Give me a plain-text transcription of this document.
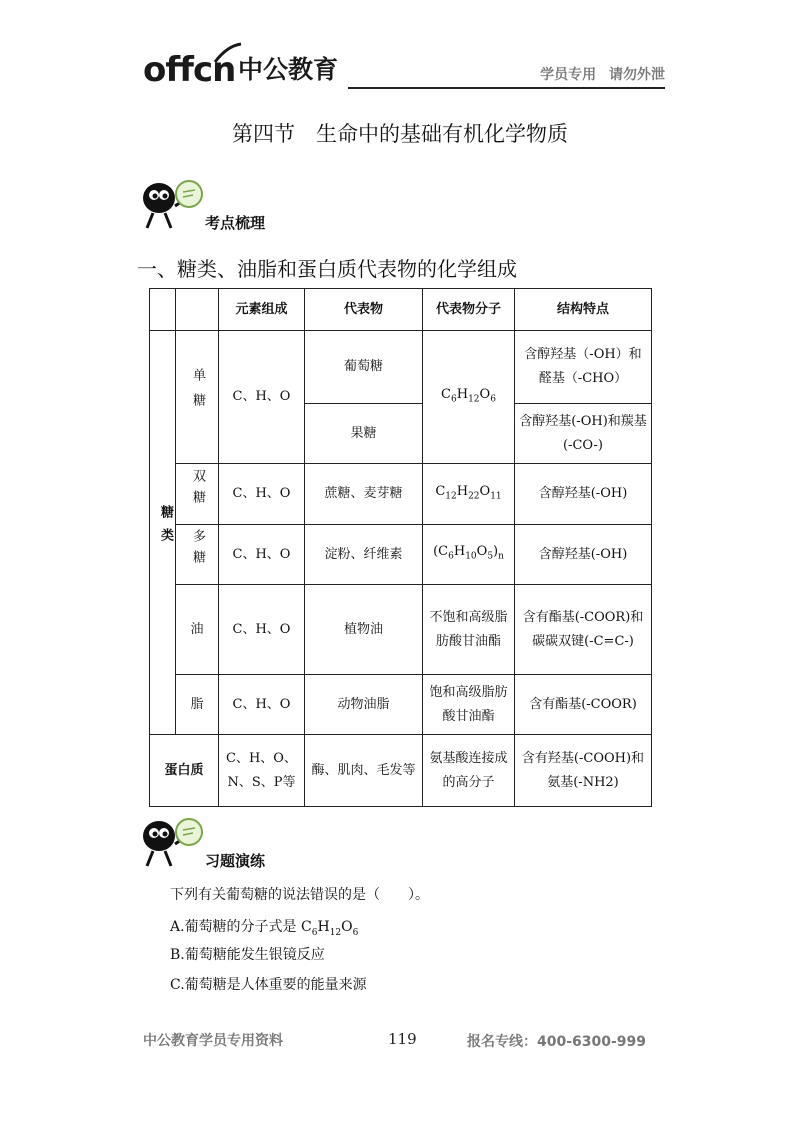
offcn 中公教育	学员专用 请勿外泄
第四节　生命中的基础有机化学物质
考点梳理
一、糖类、油脂和蛋白质代表物的化学组成
		元素组成	代表物	代表物分子	结构特点
糖类	单糖	C、H、O	葡萄糖	$C_6H_{12}O_6$	含醇羟基（-OH）和醛基（-CHO）
			果糖		含醇羟基(-OH)和羰基(-CO-)
	双糖	C、H、O	蔗糖、麦芽糖	$C_{12}H_{22}O_{11}$	含醇羟基(-OH)
	多糖	C、H、O	淀粉、纤维素	$(C_6H_{10}O_5)_n$	含醇羟基(-OH)
	油	C、H、O	植物油	不饱和高级脂肪酸甘油酯	含有酯基(-COOR)和碳碳双键(-C=C-)
	脂	C、H、O	动物油脂	饱和高级脂肪酸甘油酯	含有酯基(-COOR)
蛋白质		C、H、O、N、S、P等	酶、肌肉、毛发等	氨基酸连接成的高分子	含有羟基(-COOH)和氨基(-NH2)
习题演练
下列有关葡萄糖的说法错误的是（　　）。
A.葡萄糖的分子式是 $C_6H_{12}O_6$
B.葡萄糖能发生银镜反应
C.葡萄糖是人体重要的能量来源
中公教育学员专用资料	119	报名专线：400-6300-999
